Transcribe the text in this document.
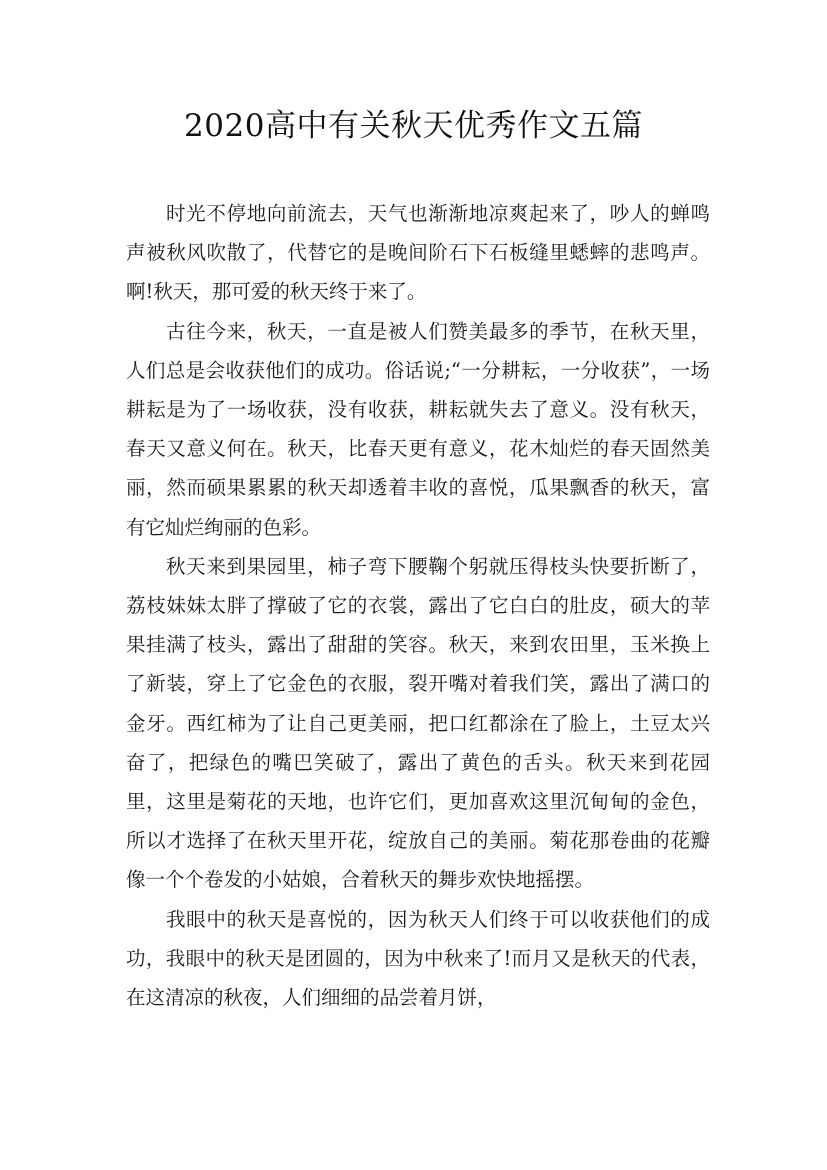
2020高中有关秋天优秀作文五篇

时光不停地向前流去，天气也渐渐地凉爽起来了，吵人的蝉鸣声被秋风吹散了，代替它的是晚间阶石下石板缝里蟋蟀的悲鸣声。啊!秋天，那可爱的秋天终于来了。

古往今来，秋天，一直是被人们赞美最多的季节，在秋天里，人们总是会收获他们的成功。俗话说;“一分耕耘，一分收获”，一场耕耘是为了一场收获，没有收获，耕耘就失去了意义。没有秋天，春天又意义何在。秋天，比春天更有意义，花木灿烂的春天固然美丽，然而硕果累累的秋天却透着丰收的喜悦，瓜果飘香的秋天，富有它灿烂绚丽的色彩。

秋天来到果园里，柿子弯下腰鞠个躬就压得枝头快要折断了，荔枝妹妹太胖了撑破了它的衣裳，露出了它白白的肚皮，硕大的苹果挂满了枝头，露出了甜甜的笑容。秋天，来到农田里，玉米换上了新装，穿上了它金色的衣服，裂开嘴对着我们笑，露出了满口的金牙。西红柿为了让自己更美丽，把口红都涂在了脸上，土豆太兴奋了，把绿色的嘴巴笑破了，露出了黄色的舌头。秋天来到花园里，这里是菊花的天地，也许它们，更加喜欢这里沉甸甸的金色，所以才选择了在秋天里开花，绽放自己的美丽。菊花那卷曲的花瓣像一个个卷发的小姑娘，合着秋天的舞步欢快地摇摆。

我眼中的秋天是喜悦的，因为秋天人们终于可以收获他们的成功，我眼中的秋天是团圆的，因为中秋来了!而月又是秋天的代表， 在这清凉的秋夜，人们细细的品尝着月饼，
